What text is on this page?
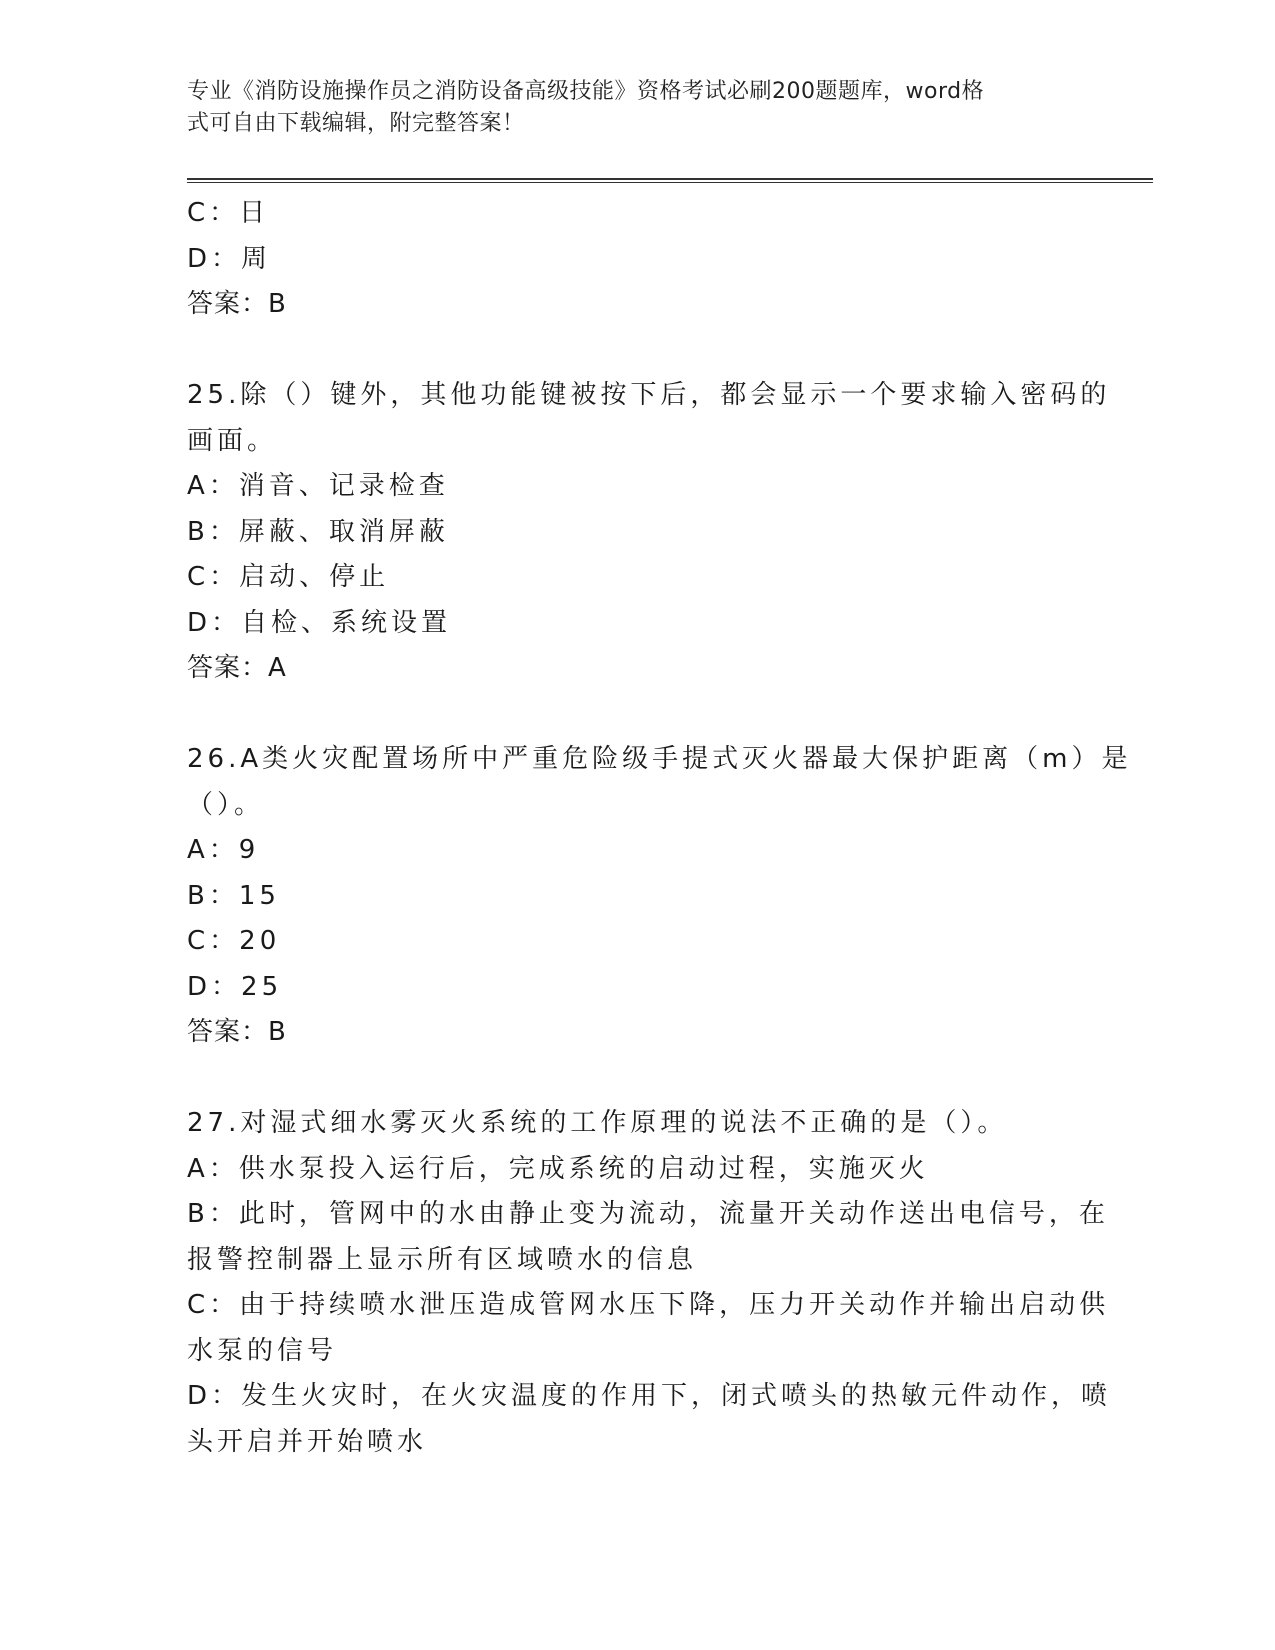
专业《消防设施操作员之消防设备高级技能》资格考试必刷200题题库，word格
式可自由下载编辑，附完整答案！
C：日
D：周
答案：B
25.除（）键外，其他功能键被按下后，都会显示一个要求输入密码的
画面。
A：消音、记录检查
B：屏蔽、取消屏蔽
C：启动、停止
D：自检、系统设置
答案：A
26.A类火灾配置场所中严重危险级手提式灭火器最大保护距离（m）是
（）。
A：9
B：15
C：20
D：25
答案：B
27.对湿式细水雾灭火系统的工作原理的说法不正确的是（）。
A：供水泵投入运行后，完成系统的启动过程，实施灭火
B：此时，管网中的水由静止变为流动，流量开关动作送出电信号，在
报警控制器上显示所有区域喷水的信息
C：由于持续喷水泄压造成管网水压下降，压力开关动作并输出启动供
水泵的信号
D：发生火灾时，在火灾温度的作用下，闭式喷头的热敏元件动作，喷
头开启并开始喷水
